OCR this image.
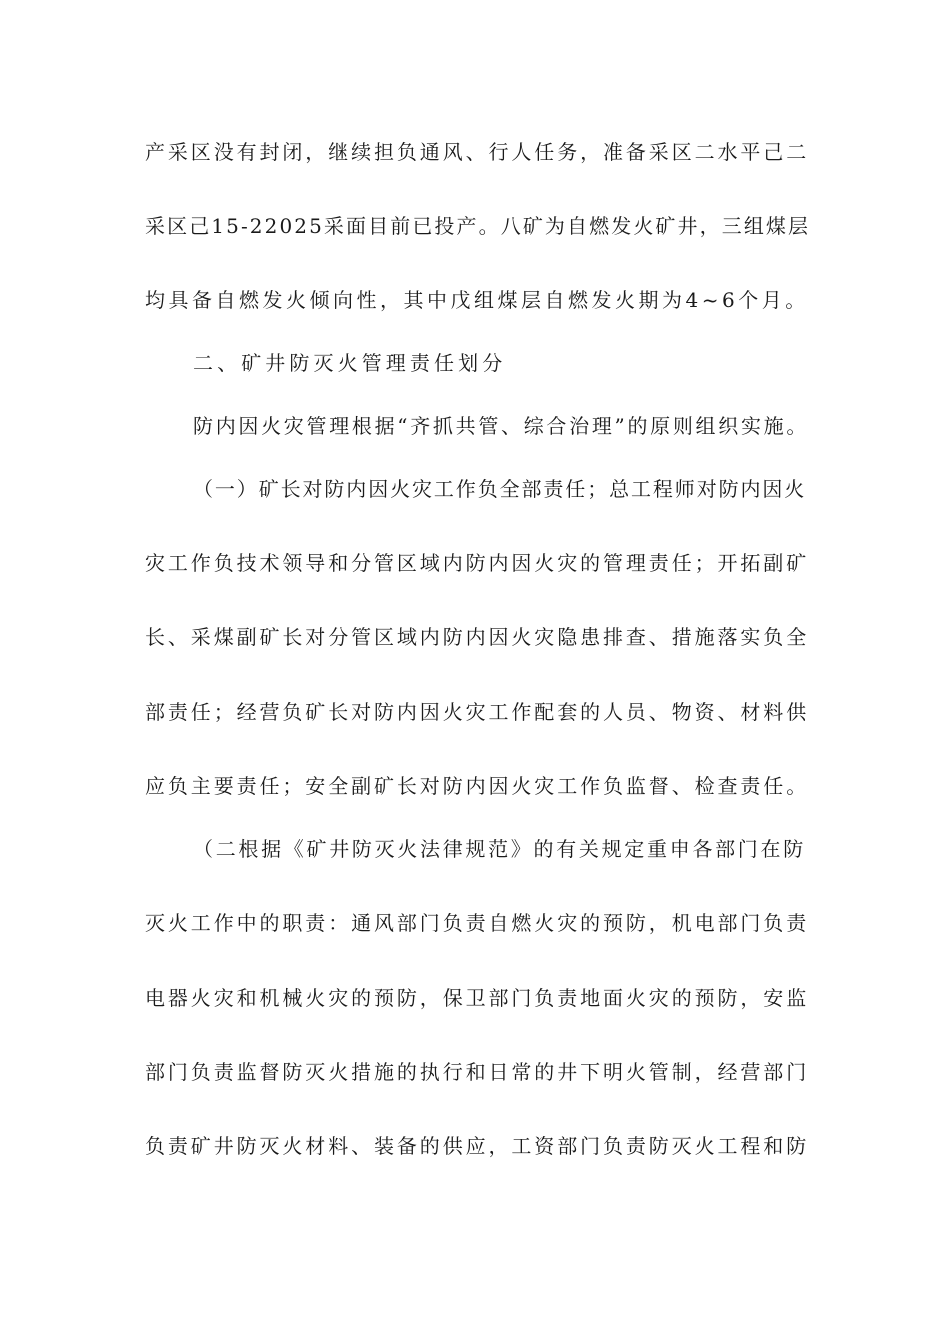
产采区没有封闭，继续担负通风、行人任务，准备采区二水平己二
采区己15-22025采面目前已投产。八矿为自燃发火矿井，三组煤层
均具备自燃发火倾向性，其中戊组煤层自燃发火期为4~6个月。
二、矿井防灭火管理责任划分
防内因火灾管理根据“齐抓共管、综合治理”的原则组织实施。
（一）矿长对防内因火灾工作负全部责任；总工程师对防内因火
灾工作负技术领导和分管区域内防内因火灾的管理责任；开拓副矿
长、采煤副矿长对分管区域内防内因火灾隐患排查、措施落实负全
部责任；经营负矿长对防内因火灾工作配套的人员、物资、材料供
应负主要责任；安全副矿长对防内因火灾工作负监督、检查责任。
（二根据《矿井防灭火法律规范》的有关规定重申各部门在防
灭火工作中的职责：通风部门负责自燃火灾的预防，机电部门负责
电器火灾和机械火灾的预防，保卫部门负责地面火灾的预防，安监
部门负责监督防灭火措施的执行和日常的井下明火管制，经营部门
负责矿井防灭火材料、装备的供应，工资部门负责防灭火工程和防
